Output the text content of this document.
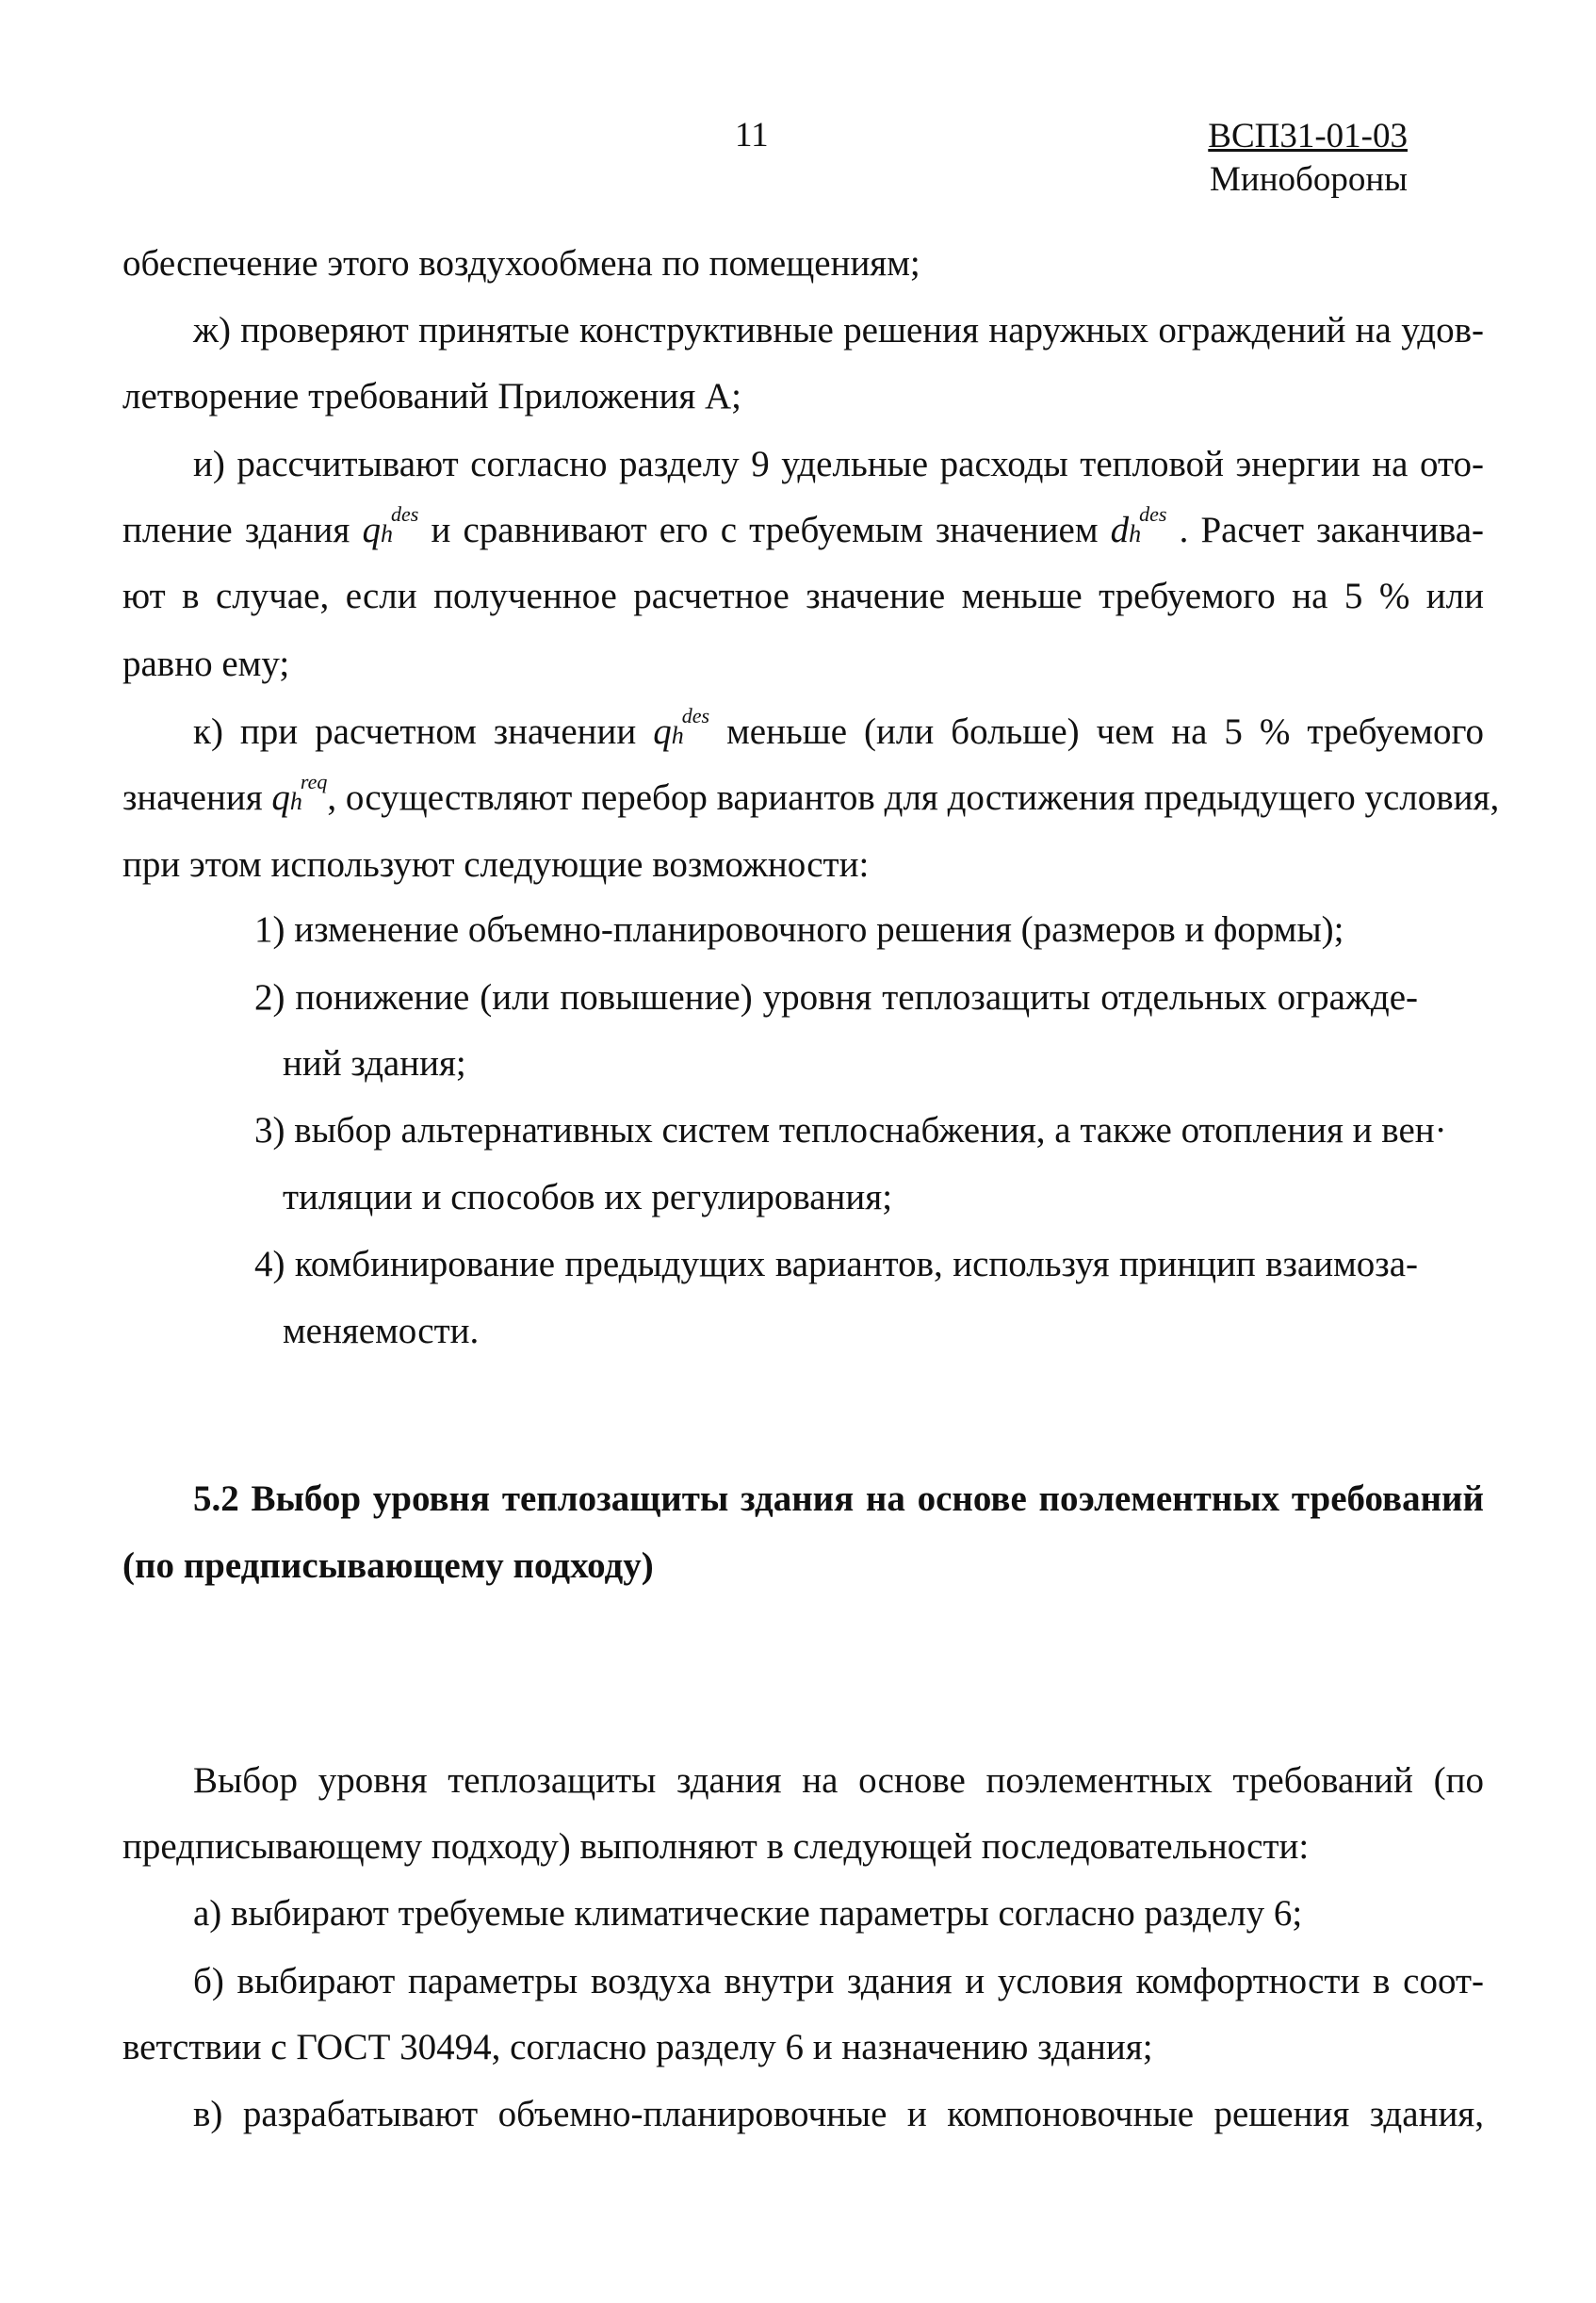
11	ВСП31-01-03
Минобороны
обеспечение этого воздухообмена по помещениям;
ж) проверяют принятые конструктивные решения наружных ограждений на удов-
летворение требований Приложения А;
и) рассчитывают согласно разделу 9 удельные расходы тепловой энергии на ото-
пление здания $qh^{des}$ и сравнивают его с требуемым значением $dh^{des}$ . Расчет заканчива-
ют в случае, если полученное расчетное значение меньше требуемого на 5 % или
равно ему;
к) при расчетном значении $qh^{des}$ меньше (или больше) чем на 5 % требуемого
значения $qh^{req}$, осуществляют перебор вариантов для достижения предыдущего условия,
при этом используют следующие возможности:
1) изменение объемно-планировочного решения (размеров и формы);
2) понижение (или повышение) уровня теплозащиты отдельных огражде-
ний здания;
3) выбор альтернативных систем теплоснабжения, а также отопления и вен·
тиляции и способов их регулирования;
4) комбинирование предыдущих вариантов, используя принцип взаимоза-
меняемости.
5.2 Выбор уровня теплозащиты здания на основе поэлементных требований
(по предписывающему подходу)
Выбор уровня теплозащиты здания на основе поэлементных требований (по
предписывающему подходу) выполняют в следующей последовательности:
а) выбирают требуемые климатические параметры согласно разделу 6;
б) выбирают параметры воздуха внутри здания и условия комфортности в соот-
ветствии с ГОСТ 30494, согласно разделу 6 и назначению здания;
в) разрабатывают объемно-планировочные и компоновочные решения здания,
